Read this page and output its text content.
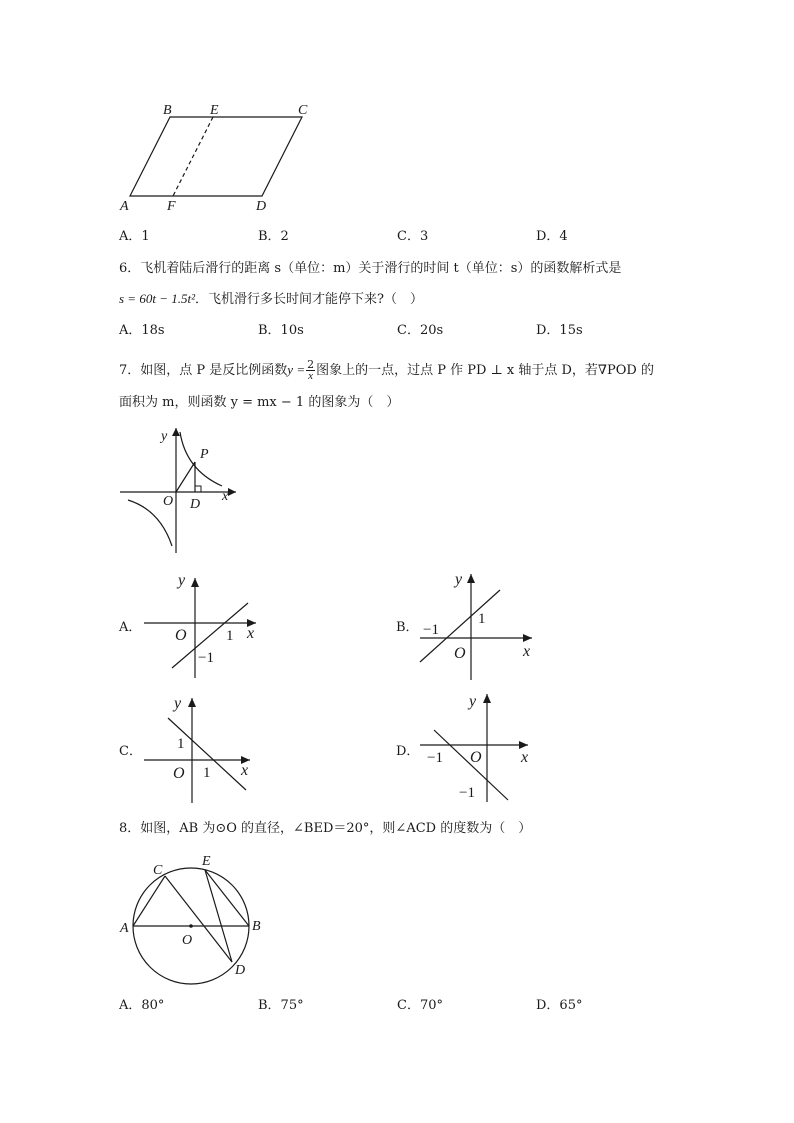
B	E	C
A	F	D
A．1	B．2	C．3	D．4
6．飞机着陆后滑行的距离 s（单位：m）关于滑行的时间 t（单位：s）的函数解析式是
s = 60t − 1.5t²．飞机滑行多长时间才能停下来?（　）
A．18s	B．10s	C．20s	D．15s
7．如图，点 P 是反比例函数$y = \frac{2}{x}$ 图象上的一点，过点 P 作 PD ⊥ x 轴于点 D，若∇POD 的
面积为 m，则函数 y = mx − 1 的图象为（　）
y
P
O D
x
A．	B．
C．	D．
y
O	1 x
−1
y
−1
1
O	x
y
1
O 1 x
y
−1 O x
−1
8．如图，AB 为⊙O 的直径，∠BED＝20°，则∠ACD 的度数为（　）
C
E
A
O
B
D
A．80°	B．75°	C．70°	D．65°
